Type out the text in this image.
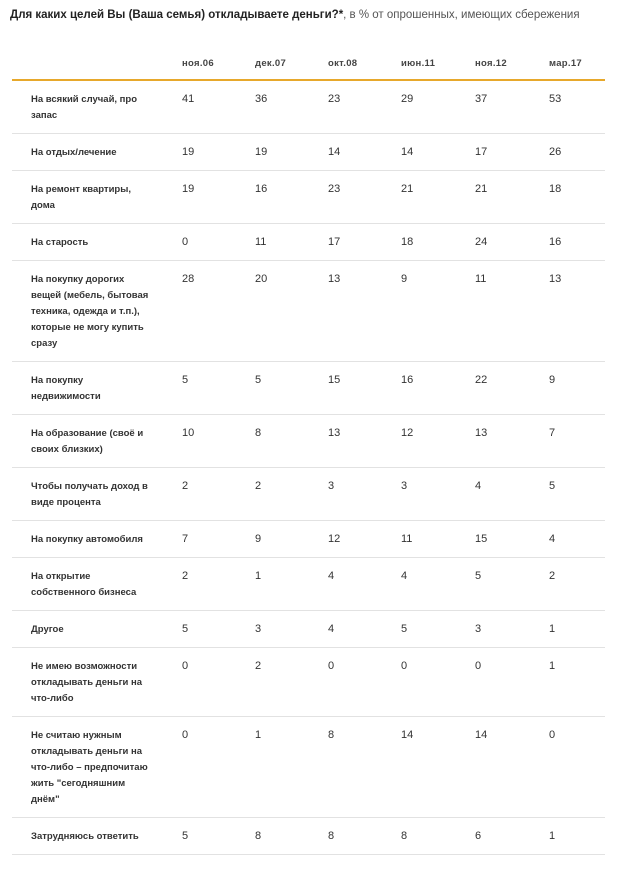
Для каких целей Вы (Ваша семья) откладываете деньги?*, в % от опрошенных, имеющих сбережения
	ноя.06	дек.07	окт.08	июн.11	ноя.12	мар.17
На всякий случай, про запас	41	36	23	29	37	53
На отдых/лечение	19	19	14	14	17	26
На ремонт квартиры, дома	19	16	23	21	21	18
На старость	0	11	17	18	24	16
На покупку дорогих вещей (мебель, бытовая техника, одежда и т.п.), которые не могу купить сразу	28	20	13	9	11	13
На покупку недвижимости	5	5	15	16	22	9
На образование (своё и своих близких)	10	8	13	12	13	7
Чтобы получать доход в виде процента	2	2	3	3	4	5
На покупку автомобиля	7	9	12	11	15	4
На открытие собственного бизнеса	2	1	4	4	5	2
Другое	5	3	4	5	3	1
Не имею возможности откладывать деньги на что-либо	0	2	0	0	0	1
Не считаю нужным откладывать деньги на что-либо – предпочитаю жить "сегодняшним днём"	0	1	8	14	14	0
Затрудняюсь ответить	5	8	8	8	6	1
